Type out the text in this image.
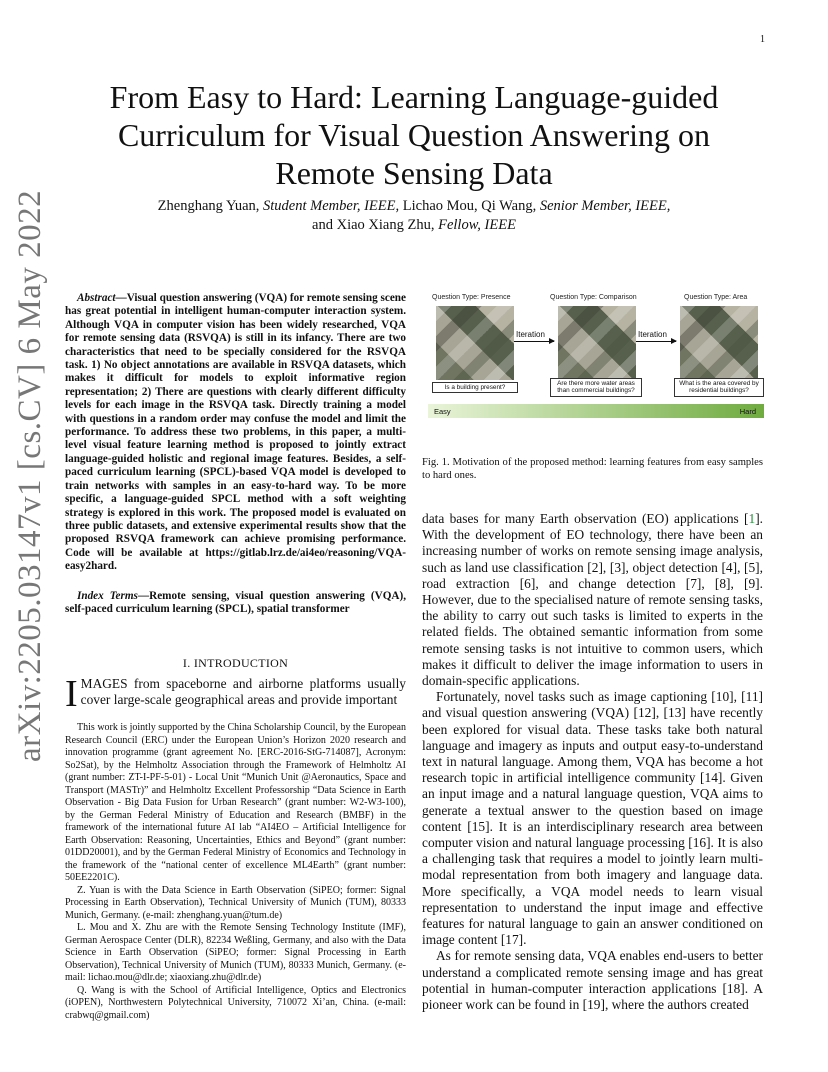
1
From Easy to Hard: Learning Language-guided Curriculum for Visual Question Answering on Remote Sensing Data
Zhenghang Yuan, Student Member, IEEE, Lichao Mou, Qi Wang, Senior Member, IEEE,
and Xiao Xiang Zhu, Fellow, IEEE
arXiv:2205.03147v1 [cs.CV] 6 May 2022	Abstract—Visual question answering (VQA) for remote sensing scene has great potential in intelligent human-computer interaction system. Although VQA in computer vision has been widely researched, VQA for remote sensing data (RSVQA) is still in its infancy. There are two characteristics that need to be specially considered for the RSVQA task. 1) No object annotations are available in RSVQA datasets, which makes it difficult for models to exploit informative region representation; 2) There are questions with clearly different difficulty levels for each image in the RSVQA task. Directly training a model with questions in a random order may confuse the model and limit the performance. To address these two problems, in this paper, a multi-level visual feature learning method is proposed to jointly extract language-guided holistic and regional image features. Besides, a self-paced curriculum learning (SPCL)-based VQA model is developed to train networks with samples in an easy-to-hard way. To be more specific, a language-guided SPCL method with a soft weighting strategy is explored in this work. The proposed model is evaluated on three public datasets, and extensive experimental results show that the proposed RSVQA framework can achieve promising performance. Code will be available at https://gitlab.lrz.de/ai4eo/reasoning/VQA-easy2hard.

Index Terms—Remote sensing, visual question answering (VQA), self-paced curriculum learning (SPCL), spatial transformer

I. INTRODUCTION

IMAGES from spaceborne and airborne platforms usually cover large-scale geographical areas and provide important

This work is jointly supported by the China Scholarship Council, by the European Research Council (ERC) under the European Union’s Horizon 2020 research and innovation programme (grant agreement No. [ERC-2016-StG-714087], Acronym: So2Sat), by the Helmholtz Association through the Framework of Helmholtz AI (grant number: ZT-I-PF-5-01) - Local Unit “Munich Unit @Aeronautics, Space and Transport (MASTr)” and Helmholtz Excellent Professorship “Data Science in Earth Observation - Big Data Fusion for Urban Research” (grant number: W2-W3-100), by the German Federal Ministry of Education and Research (BMBF) in the framework of the international future AI lab “AI4EO – Artificial Intelligence for Earth Observation: Reasoning, Uncertainties, Ethics and Beyond” (grant number: 01DD20001), and by the German Federal Ministry of Economics and Technology in the framework of the “national center of excellence ML4Earth” (grant number: 50EE2201C).

Z. Yuan is with the Data Science in Earth Observation (SiPEO; former: Signal Processing in Earth Observation), Technical University of Munich (TUM), 80333 Munich, Germany. (e-mail: zhenghang.yuan@tum.de)

L. Mou and X. Zhu are with the Remote Sensing Technology Institute (IMF), German Aerospace Center (DLR), 82234 Weßling, Germany, and also with the Data Science in Earth Observation (SiPEO; former: Signal Processing in Earth Observation), Technical University of Munich (TUM), 80333 Munich, Germany. (e-mail: lichao.mou@dlr.de; xiaoxiang.zhu@dlr.de)

Q. Wang is with the School of Artificial Intelligence, Optics and Electronics (iOPEN), Northwestern Polytechnical University, 710072 Xi’an, China. (e-mail: crabwq@gmail.com)

Question Type: Presence	Question Type: Comparison	Question Type: Area
Iteration	Iteration
Is a building present?
Are there more water areas than commercial buildings?
What is the area covered by residential buildings?
Easy	Hard

Fig. 1. Motivation of the proposed method: learning features from easy samples to hard ones.

data bases for many Earth observation (EO) applications [1]. With the development of EO technology, there have been an increasing number of works on remote sensing image analysis, such as land use classification [2], [3], object detection [4], [5], road extraction [6], and change detection [7], [8], [9]. However, due to the specialised nature of remote sensing tasks, the ability to carry out such tasks is limited to experts in the related fields. The obtained semantic information from some remote sensing tasks is not intuitive to common users, which makes it difficult to deliver the image information to users in domain-specific applications.

Fortunately, novel tasks such as image captioning [10], [11] and visual question answering (VQA) [12], [13] have recently been explored for visual data. These tasks take both natural language and imagery as inputs and output easy-to-understand text in natural language. Among them, VQA has become a hot research topic in artificial intelligence community [14]. Given an input image and a natural language question, VQA aims to generate a textual answer to the question based on image content [15]. It is an interdisciplinary research area between computer vision and natural language processing [16]. It is also a challenging task that requires a model to jointly learn multi-modal representation from both imagery and language data. More specifically, a VQA model needs to learn visual representation to understand the input image and effective features for natural language to gain an answer conditioned on image content [17].

As for remote sensing data, VQA enables end-users to better understand a complicated remote sensing image and has great potential in human-computer interaction applications [18]. A pioneer work can be found in [19], where the authors created
